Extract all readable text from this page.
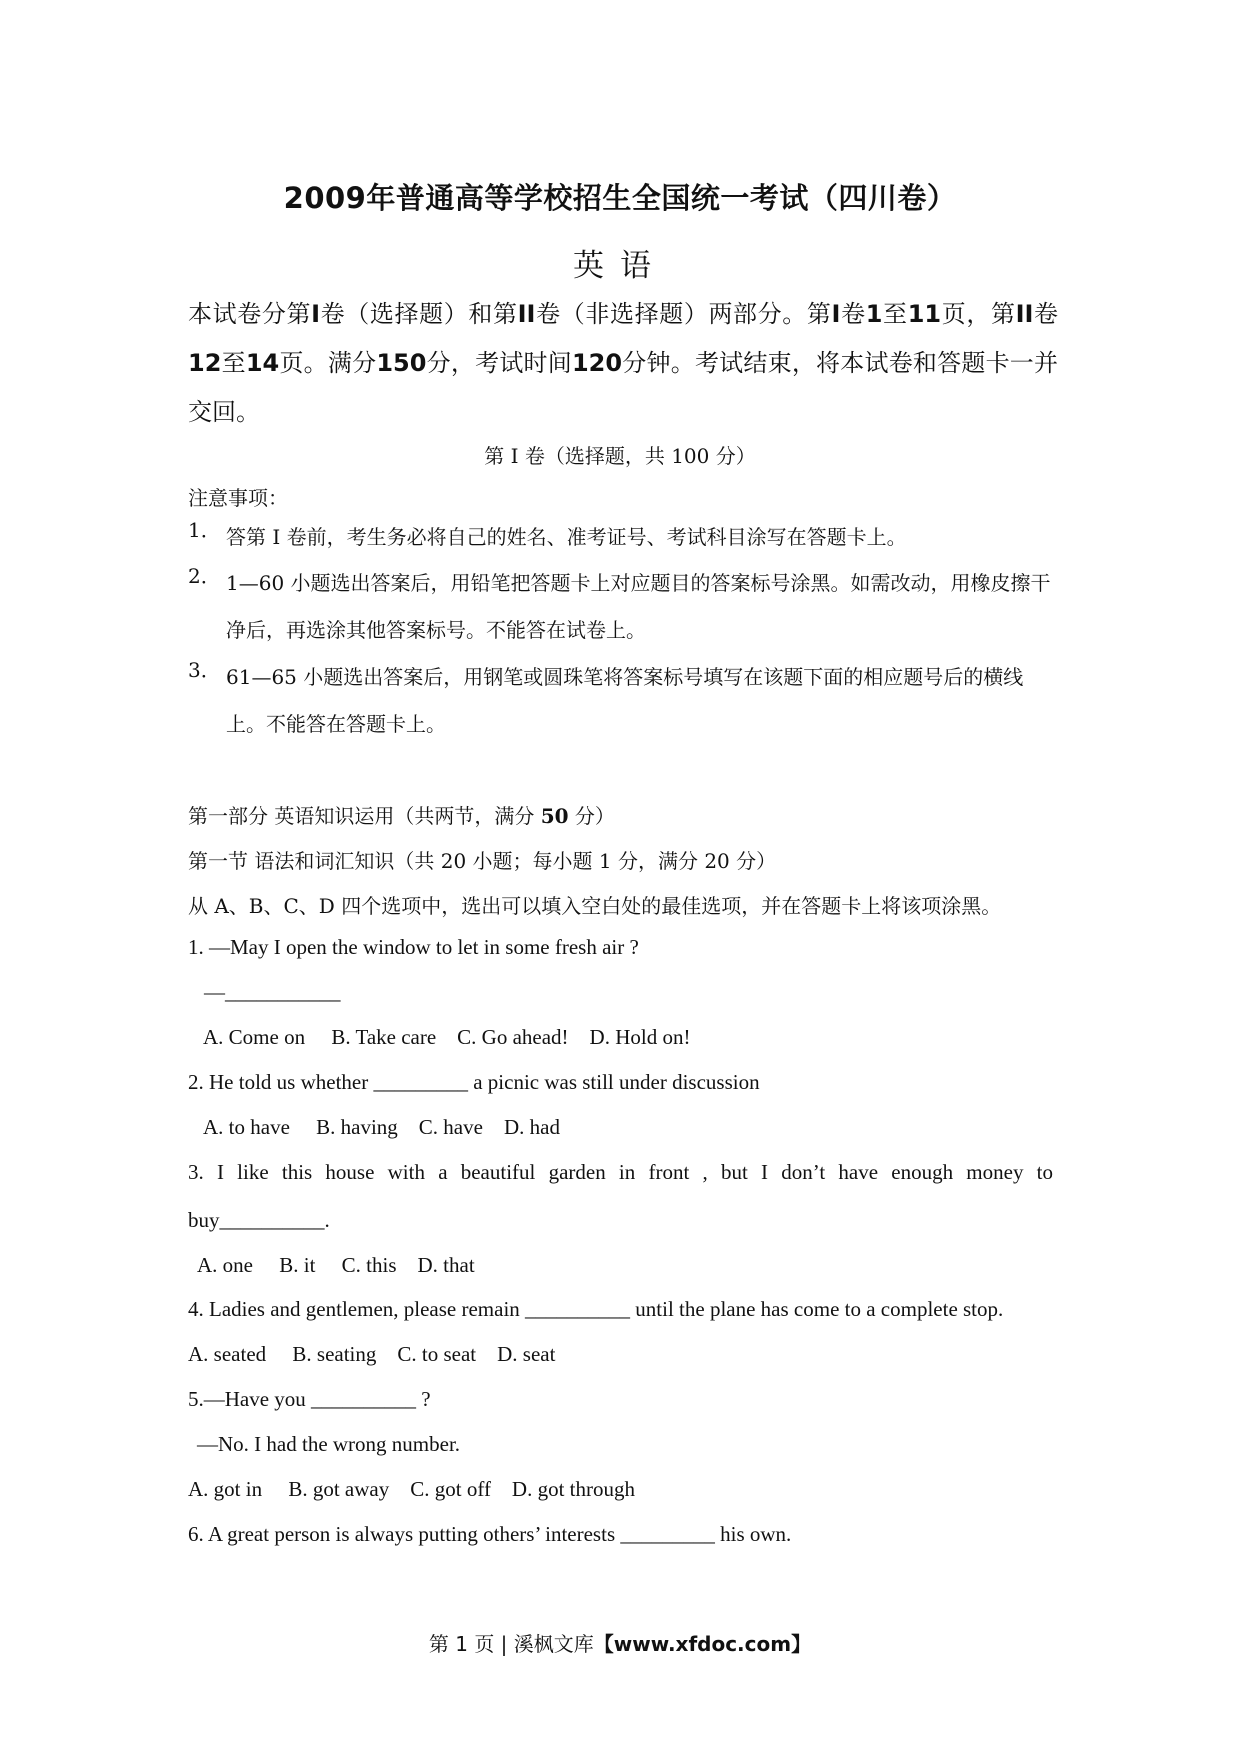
2009年普通高等学校招生全国统一考试（四川卷）
英语
本试卷分第I卷（选择题）和第II卷（非选择题）两部分。第I卷1至11页，第II卷12至14页。满分150分，考试时间120分钟。考试结束，将本试卷和答题卡一并交回。
第 I 卷（选择题，共 100 分）
注意事项：
1． 答第 I 卷前，考生务必将自己的姓名、准考证号、考试科目涂写在答题卡上。
2． 1—60 小题选出答案后，用铅笔把答题卡上对应题目的答案标号涂黑。如需改动，用橡皮擦干净后，再选涂其他答案标号。不能答在试卷上。
3． 61—65 小题选出答案后，用钢笔或圆珠笔将答案标号填写在该题下面的相应题号后的横线上。不能答在答题卡上。
第一部分 英语知识运用（共两节，满分 50 分）
第一节 语法和词汇知识（共 20 小题；每小题 1 分，满分 20 分）
从 A、B、C、D 四个选项中，选出可以填入空白处的最佳选项，并在答题卡上将该项涂黑。
1. —May I open the window to let in some fresh air ?
—___________
A. Come on     B. Take care    C. Go ahead!    D. Hold on!
2. He told us whether _________ a picnic was still under discussion
A. to have     B. having    C. have    D. had
3. I like this house with a beautiful garden in front , but I don’t have enough money to
buy__________.
A. one     B. it     C. this    D. that
4. Ladies and gentlemen, please remain __________ until the plane has come to a complete stop.
A. seated     B. seating    C. to seat    D. seat
5.—Have you __________ ?
—No. I had the wrong number.
A. got in     B. got away    C. got off    D. got through
6. A great person is always putting others’ interests _________ his own.
第 1 页 | 溪枫文库【www.xfdoc.com】
